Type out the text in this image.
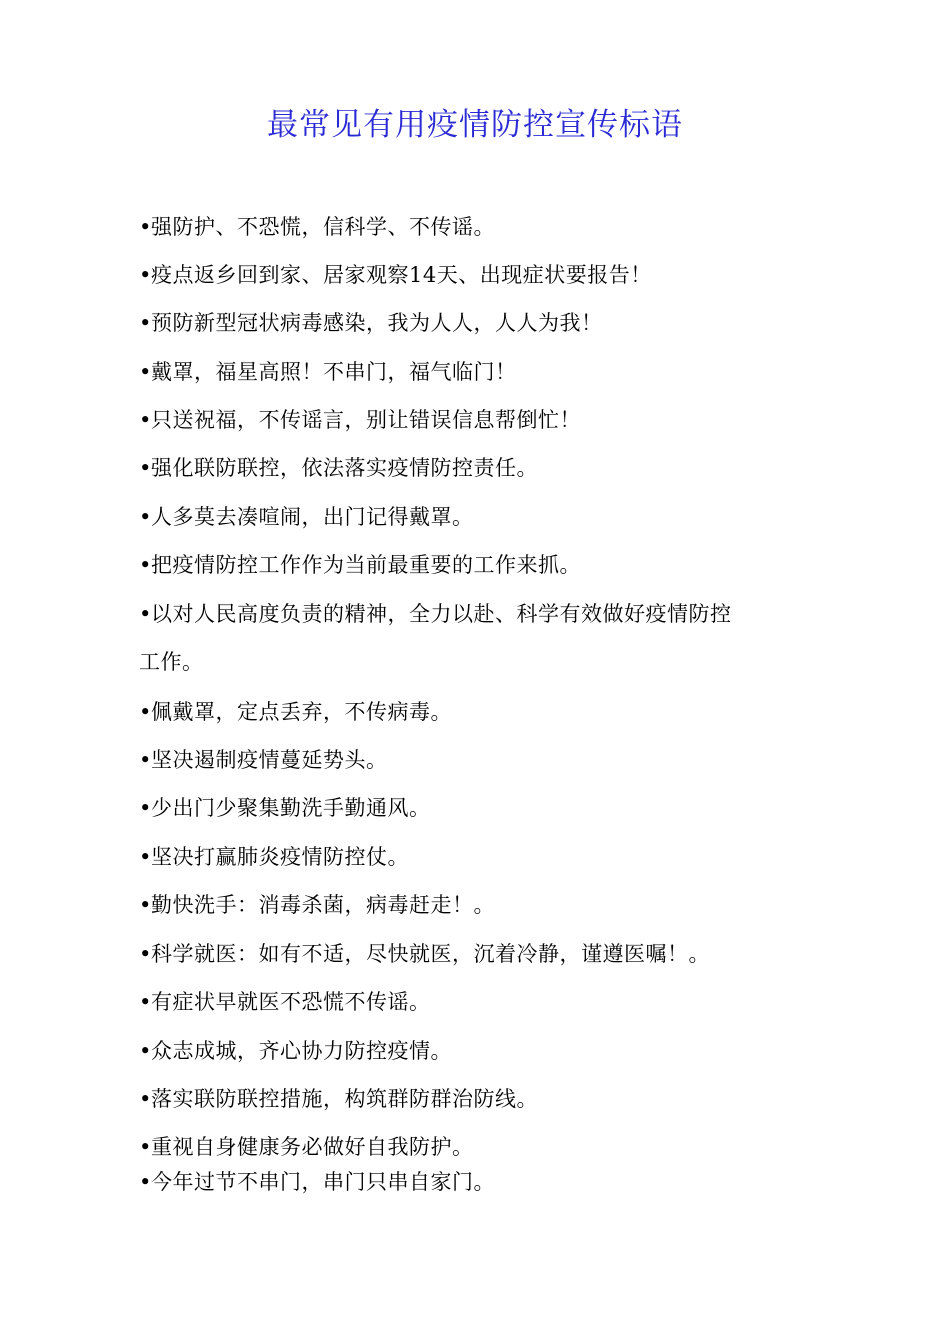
最常见有用疫情防控宣传标语
•强防护、不恐慌，信科学、不传谣。
•疫点返乡回到家、居家观察14天、出现症状要报告！
•预防新型冠状病毒感染，我为人人，人人为我！
•戴罩，福星高照！不串门，福气临门！
•只送祝福，不传谣言，别让错误信息帮倒忙！
•强化联防联控，依法落实疫情防控责任。
•人多莫去凑喧闹，出门记得戴罩。
•把疫情防控工作作为当前最重要的工作来抓。
•以对人民高度负责的精神，全力以赴、科学有效做好疫情防控
工作。
•佩戴罩，定点丢弃，不传病毒。
•坚决遏制疫情蔓延势头。
•少出门少聚集勤洗手勤通风。
•坚决打赢肺炎疫情防控仗。
•勤快洗手：消毒杀菌，病毒赶走！。
•科学就医：如有不适，尽快就医，沉着冷静，谨遵医嘱！。
•有症状早就医不恐慌不传谣。
•众志成城，齐心协力防控疫情。
•落实联防联控措施，构筑群防群治防线。
•重视自身健康务必做好自我防护。
•今年过节不串门，串门只串自家门。
